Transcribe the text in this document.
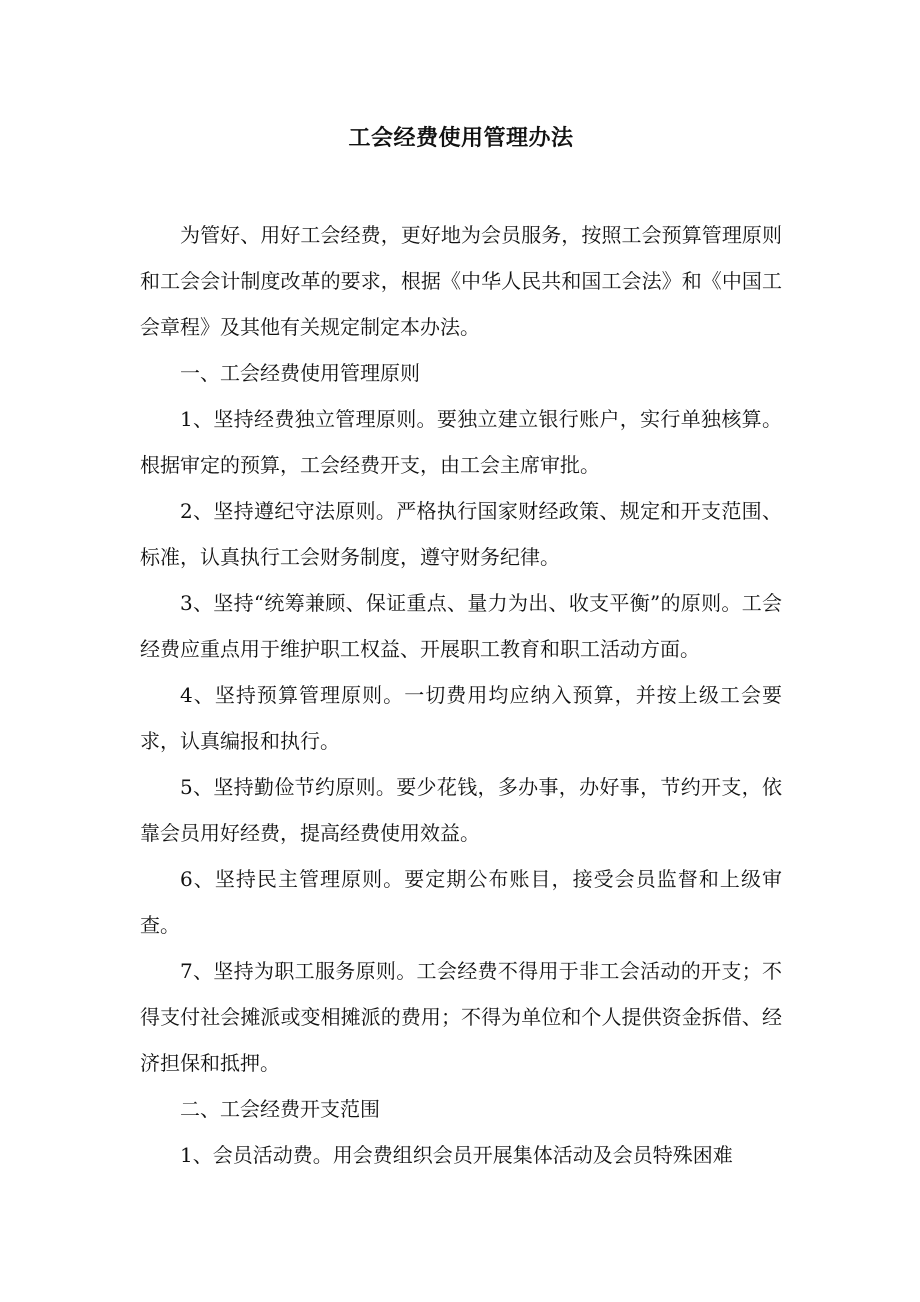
工会经费使用管理办法

为管好、用好工会经费，更好地为会员服务，按照工会预算管理原则和工会会计制度改革的要求，根据《中华人民共和国工会法》和《中国工会章程》及其他有关规定制定本办法。

一、工会经费使用管理原则

1、坚持经费独立管理原则。要独立建立银行账户，实行单独核算。根据审定的预算，工会经费开支，由工会主席审批。

2、坚持遵纪守法原则。严格执行国家财经政策、规定和开支范围、标准，认真执行工会财务制度，遵守财务纪律。

3、坚持“统筹兼顾、保证重点、量力为出、收支平衡”的原则。工会经费应重点用于维护职工权益、开展职工教育和职工活动方面。

4、坚持预算管理原则。一切费用均应纳入预算，并按上级工会要求，认真编报和执行。

5、坚持勤俭节约原则。要少花钱，多办事，办好事，节约开支，依靠会员用好经费，提高经费使用效益。

6、坚持民主管理原则。要定期公布账目，接受会员监督和上级审查。

7、坚持为职工服务原则。工会经费不得用于非工会活动的开支；不得支付社会摊派或变相摊派的费用；不得为单位和个人提供资金拆借、经济担保和抵押。

二、工会经费开支范围

1、会员活动费。用会费组织会员开展集体活动及会员特殊困难
